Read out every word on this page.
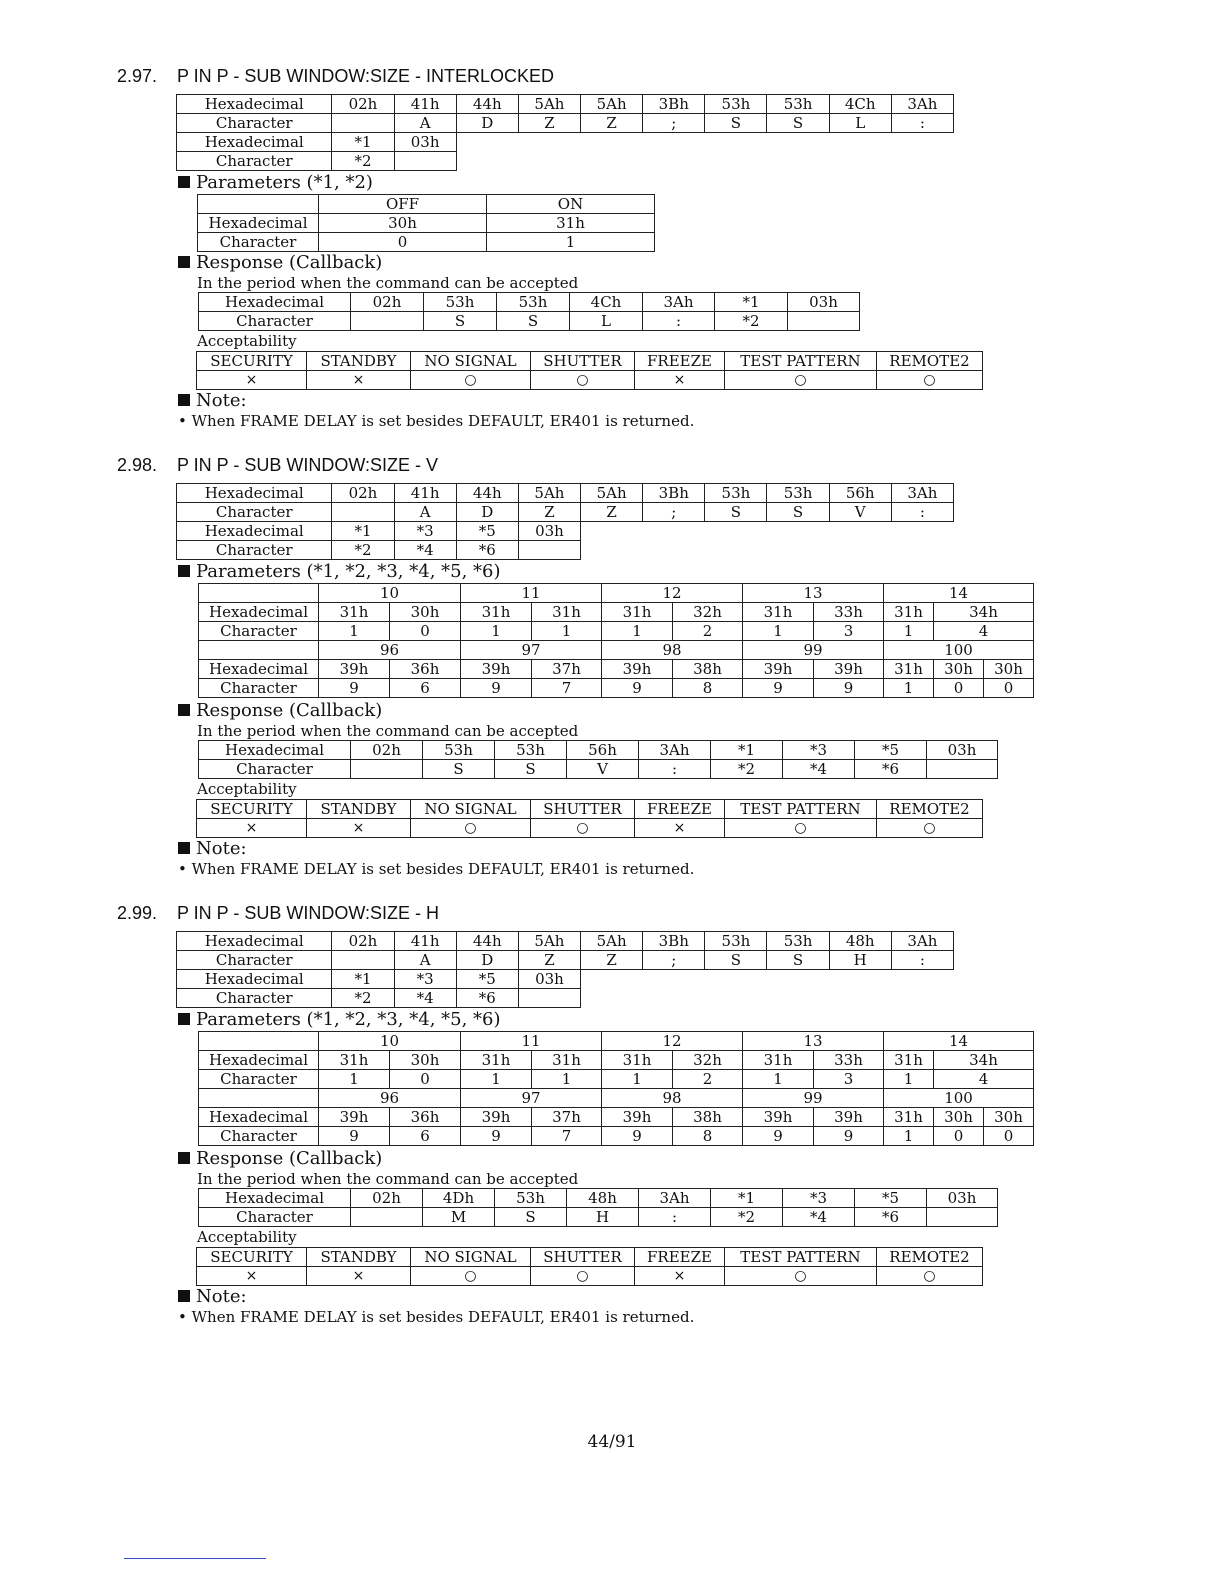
2.97. P IN P - SUB WINDOW:SIZE - INTERLOCKED
Hexadecimal	02h	41h	44h	5Ah	5Ah	3Bh	53h	53h	4Ch	3Ah
Character		A	D	Z	Z	;	S	S	L	:
Hexadecimal	*1	03h								
Character	*2									
Parameters (*1, *2)
	OFF	ON
Hexadecimal	30h	31h
Character	0	1
Response (Callback)
In the period when the command can be accepted
Hexadecimal	02h	53h	53h	4Ch	3Ah	*1	03h
Character		S	S	L	:	*2	
Acceptability
SECURITY	STANDBY	NO SIGNAL	SHUTTER	FREEZE	TEST PATTERN	REMOTE2
×	×	○	○	×	○	○
Note:
• When FRAME DELAY is set besides DEFAULT, ER401 is returned.
2.98. P IN P - SUB WINDOW:SIZE - V
Hexadecimal	02h	41h	44h	5Ah	5Ah	3Bh	53h	53h	56h	3Ah
Character		A	D	Z	Z	;	S	S	V	:
Hexadecimal	*1	*3	*5	03h						
Character	*2	*4	*6							
Parameters (*1, *2, *3, *4, *5, *6)
	10		11		12		13		14		
Hexadecimal	31h	30h	31h	31h	31h	32h	31h	33h	31h	34h	
Character	1	0	1	1	1	2	1	3	1	4	
	96		97		98		99		100		
Hexadecimal	39h	36h	39h	37h	39h	38h	39h	39h	31h	30h	30h
Character	9	6	9	7	9	8	9	9	1	0	0
Response (Callback)
In the period when the command can be accepted
Hexadecimal	02h	53h	53h	56h	3Ah	*1	*3	*5	03h
Character		S	S	V	:	*2	*4	*6	
Acceptability
SECURITY	STANDBY	NO SIGNAL	SHUTTER	FREEZE	TEST PATTERN	REMOTE2
×	×	○	○	×	○	○
Note:
• When FRAME DELAY is set besides DEFAULT, ER401 is returned.
2.99. P IN P - SUB WINDOW:SIZE - H
Hexadecimal	02h	41h	44h	5Ah	5Ah	3Bh	53h	53h	48h	3Ah
Character		A	D	Z	Z	;	S	S	H	:
Hexadecimal	*1	*3	*5	03h						
Character	*2	*4	*6							
Parameters (*1, *2, *3, *4, *5, *6)
	10		11		12		13		14		
Hexadecimal	31h	30h	31h	31h	31h	32h	31h	33h	31h	34h	
Character	1	0	1	1	1	2	1	3	1	4	
	96		97		98		99		100		
Hexadecimal	39h	36h	39h	37h	39h	38h	39h	39h	31h	30h	30h
Character	9	6	9	7	9	8	9	9	1	0	0
Response (Callback)
In the period when the command can be accepted
Hexadecimal	02h	4Dh	53h	48h	3Ah	*1	*3	*5	03h
Character		M	S	H	:	*2	*4	*6	
Acceptability
SECURITY	STANDBY	NO SIGNAL	SHUTTER	FREEZE	TEST PATTERN	REMOTE2
×	×	○	○	×	○	○
Note:
• When FRAME DELAY is set besides DEFAULT, ER401 is returned.
44/91
